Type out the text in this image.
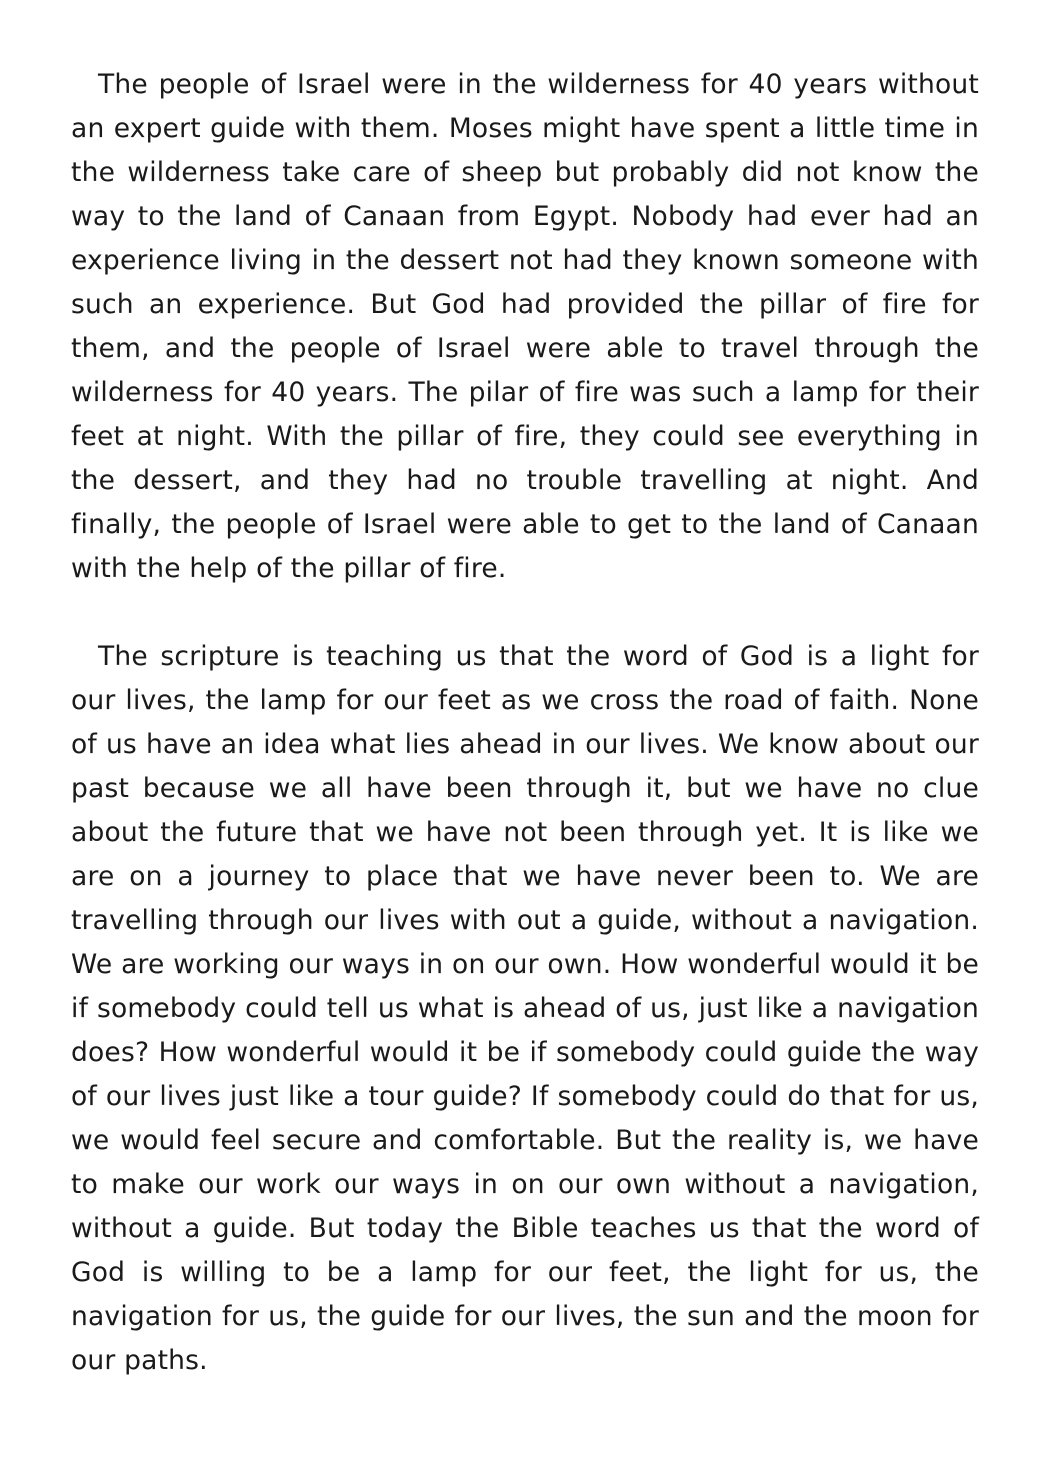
The people of Israel were in the wilderness for 40 years without an expert guide with them. Moses might have spent a little time in the wilderness take care of sheep but probably did not know the way to the land of Canaan from Egypt. Nobody had ever had an experience living in the dessert not had they known someone with such an experience. But God had provided the pillar of fire for them, and the people of Israel were able to travel through the wilderness for 40 years. The pilar of fire was such a lamp for their feet at night. With the pillar of fire, they could see everything in the dessert, and they had no trouble travelling at night. And finally, the people of Israel were able to get to the land of Canaan with the help of the pillar of fire.

The scripture is teaching us that the word of God is a light for our lives, the lamp for our feet as we cross the road of faith. None of us have an idea what lies ahead in our lives. We know about our past because we all have been through it, but we have no clue about the future that we have not been through yet. It is like we are on a journey to place that we have never been to. We are travelling through our lives with out a guide, without a navigation. We are working our ways in on our own. How wonderful would it be if somebody could tell us what is ahead of us, just like a navigation does? How wonderful would it be if somebody could guide the way of our lives just like a tour guide? If somebody could do that for us, we would feel secure and comfortable. But the reality is, we have to make our work our ways in on our own without a navigation, without a guide. But today the Bible teaches us that the word of God is willing to be a lamp for our feet, the light for us, the navigation for us, the guide for our lives, the sun and the moon for our paths.
